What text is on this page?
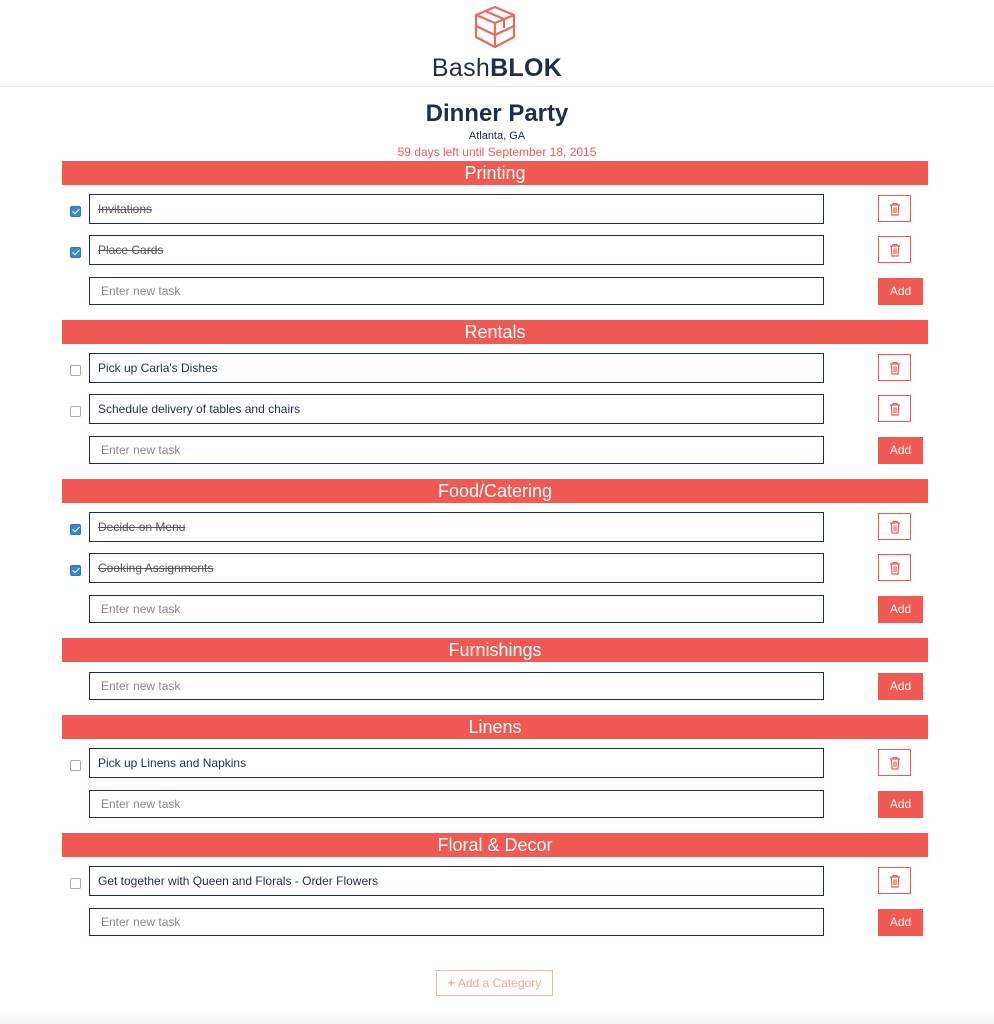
BashBLOK
Dinner Party
Atlanta, GA
59 days left until September 18, 2015
Printing
Invitations
Place Cards
Enter new task
Add
Rentals
Pick up Carla's Dishes
Schedule delivery of tables and chairs
Enter new task
Add
Food/Catering
Decide on Menu
Cooking Assignments
Enter new task
Add
Furnishings
Enter new task
Add
Linens
Pick up Linens and Napkins
Enter new task
Add
Floral & Decor
Get together with Queen and Florals - Order Flowers
Enter new task
Add
+ Add a Category
